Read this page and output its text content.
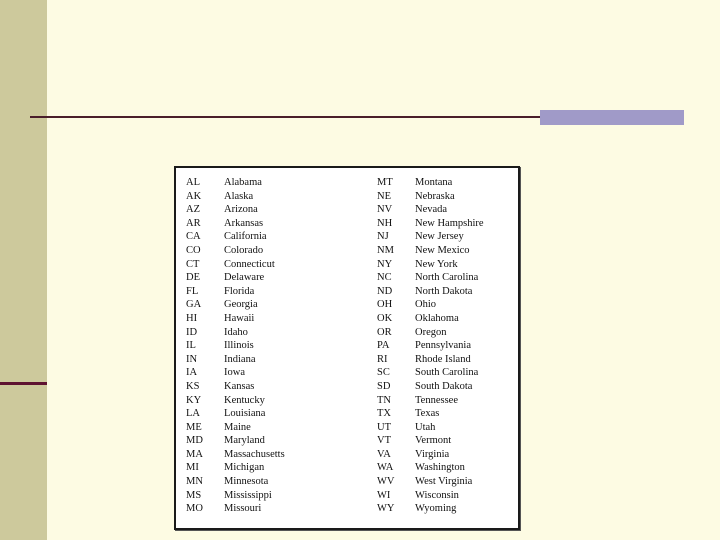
AL	Alabama
AK	Alaska
AZ	Arizona
AR	Arkansas
CA	California
CO	Colorado
CT	Connecticut
DE	Delaware
FL	Florida
GA	Georgia
HI	Hawaii
ID	Idaho
IL	Illinois
IN	Indiana
IA	Iowa
KS	Kansas
KY	Kentucky
LA	Louisiana
ME	Maine
MD	Maryland
MA	Massachusetts
MI	Michigan
MN	Minnesota
MS	Mississippi
MO	Missouri
MT	Montana
NE	Nebraska
NV	Nevada
NH	New Hampshire
NJ	New Jersey
NM	New Mexico
NY	New York
NC	North Carolina
ND	North Dakota
OH	Ohio
OK	Oklahoma
OR	Oregon
PA	Pennsylvania
RI	Rhode Island
SC	South Carolina
SD	South Dakota
TN	Tennessee
TX	Texas
UT	Utah
VT	Vermont
VA	Virginia
WA	Washington
WV	West Virginia
WI	Wisconsin
WY	Wyoming
